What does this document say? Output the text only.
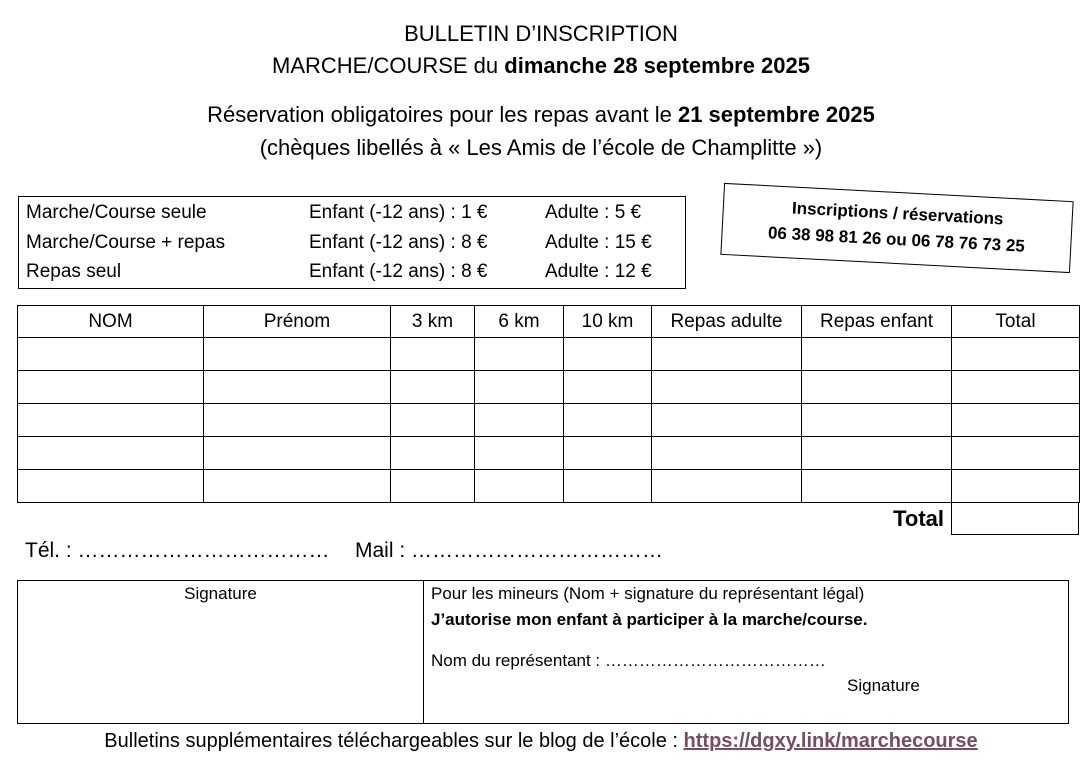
BULLETIN D’INSCRIPTION
MARCHE/COURSE du dimanche 28 septembre 2025
Réservation obligatoires pour les repas avant le 21 septembre 2025
(chèques libellés à « Les Amis de l’école de Champlitte »)
Marche/Course seule	Enfant (-12 ans) : 1 €	Adulte : 5 €
Marche/Course + repas	Enfant (-12 ans) : 8 €	Adulte : 15 €
Repas seul	Enfant (-12 ans) : 8 €	Adulte : 12 €
Inscriptions / réservations
06 38 98 81 26 ou 06 78 76 73 25
NOM	Prénom	3 km	6 km	10 km	Repas adulte	Repas enfant	Total

Total
Tél. : ……………………………… Mail : ………………………………
Signature	Pour les mineurs (Nom + signature du représentant légal)
J’autorise mon enfant à participer à la marche/course.
Nom du représentant : …………………………………
Signature
Bulletins supplémentaires téléchargeables sur le blog de l’école : https://dgxy.link/marchecourse
